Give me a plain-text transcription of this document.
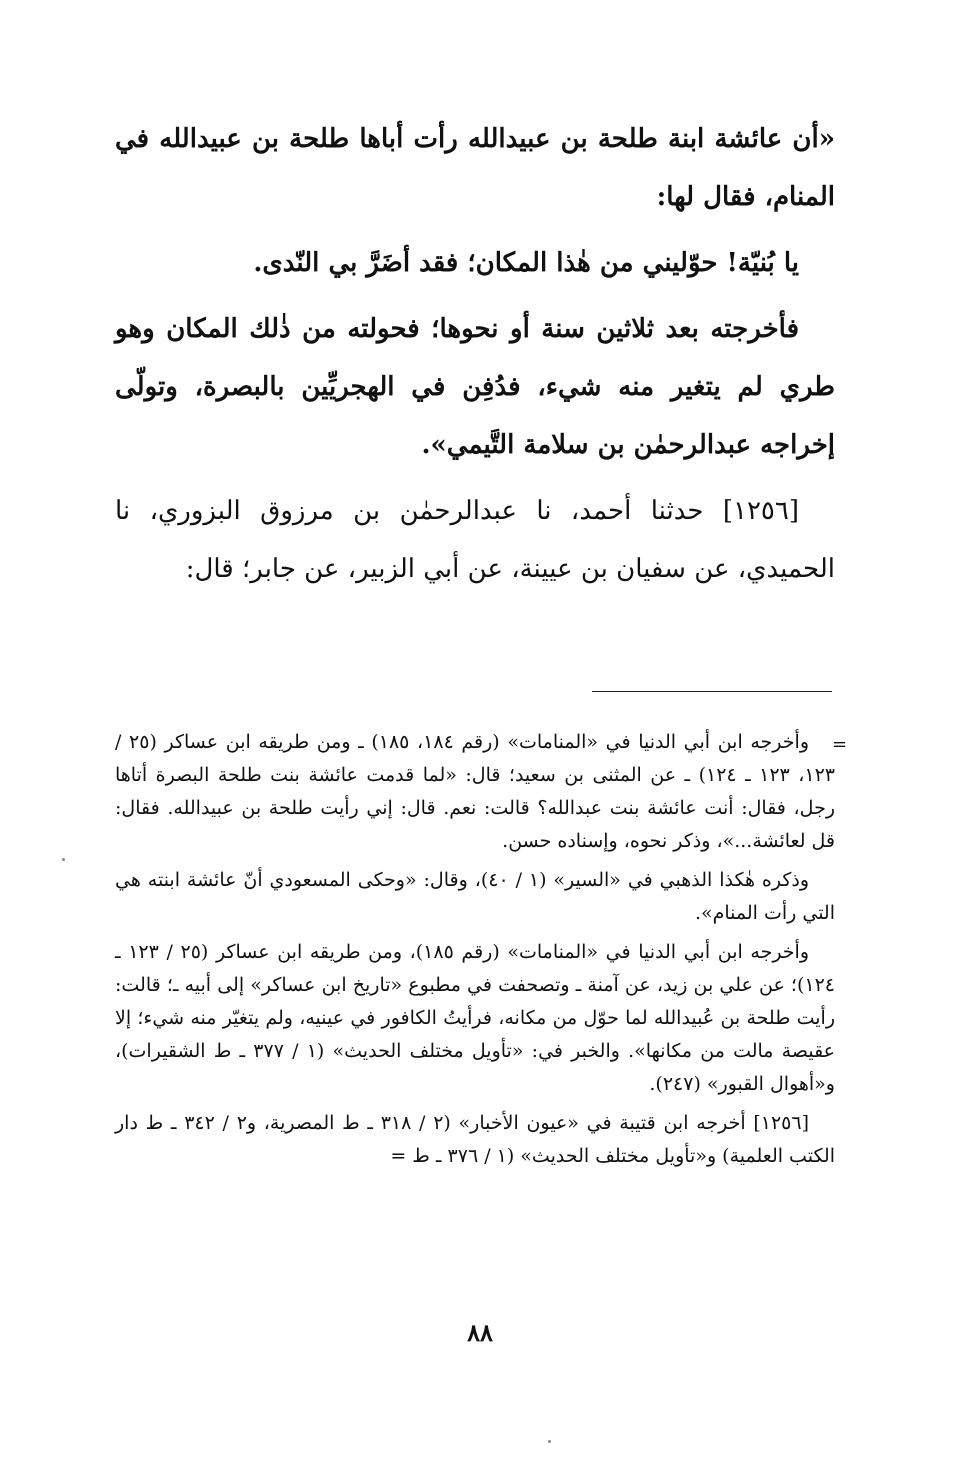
«أن عائشة ابنة طلحة بن عبيدالله رأت أباها طلحة بن عبيدالله في المنام، فقال لها:

يا بُنيّة! حوّليني من هٰذا المكان؛ فقد أضَرَّ بي النّدى.

فأخرجته بعد ثلاثين سنة أو نحوها؛ فحولته من ذٰلك المكان وهو طري لم يتغير منه شيء، فدُفِن في الهجريِّين بالبصرة، وتولّى إخراجه عبدالرحمٰن بن سلامة التَّيمي».

[١٢٥٦] حدثنا أحمد، نا عبدالرحمٰن بن مرزوق البزوري، نا الحميدي، عن سفيان بن عيينة، عن أبي الزبير، عن جابر؛ قال:

=

وأخرجه ابن أبي الدنيا في «المنامات» (رقم ١٨٤، ١٨٥) ـ ومن طريقه ابن عساكر (٢٥ / ١٢٣، ١٢٣ ـ ١٢٤) ـ عن المثنى بن سعيد؛ قال: «لما قدمت عائشة بنت طلحة البصرة أتاها رجل، فقال: أنت عائشة بنت عبدالله؟ قالت: نعم. قال: إني رأيت طلحة بن عبيدالله. فقال: قل لعائشة...»، وذكر نحوه، وإسناده حسن.

وذكره هٰكذا الذهبي في «السير» (١ / ٤٠)، وقال: «وحكى المسعودي أنّ عائشة ابنته هي التي رأت المنام».

وأخرجه ابن أبي الدنيا في «المنامات» (رقم ١٨٥)، ومن طريقه ابن عساكر (٢٥ / ١٢٣ ـ ١٢٤)؛ عن علي بن زيد، عن آمنة ـ وتصحفت في مطبوع «تاريخ ابن عساكر» إلى أبيه ـ؛ قالت: رأيت طلحة بن عُبيدالله لما حوّل من مكانه، فرأيتُ الكافور في عينيه، ولم يتغيّر منه شيء؛ إلا عقيصة مالت من مكانها». والخبر في: «تأويل مختلف الحديث» (١ / ٣٧٧ ـ ط الشقيرات)، و«أهوال القبور» (٢٤٧).

[١٢٥٦] أخرجه ابن قتيبة في «عيون الأخبار» (٢ / ٣١٨ ـ ط المصرية، و٢ / ٣٤٢ ـ ط دار الكتب العلمية) و«تأويل مختلف الحديث» (١ / ٣٧٦ ـ ط =

٨٨
